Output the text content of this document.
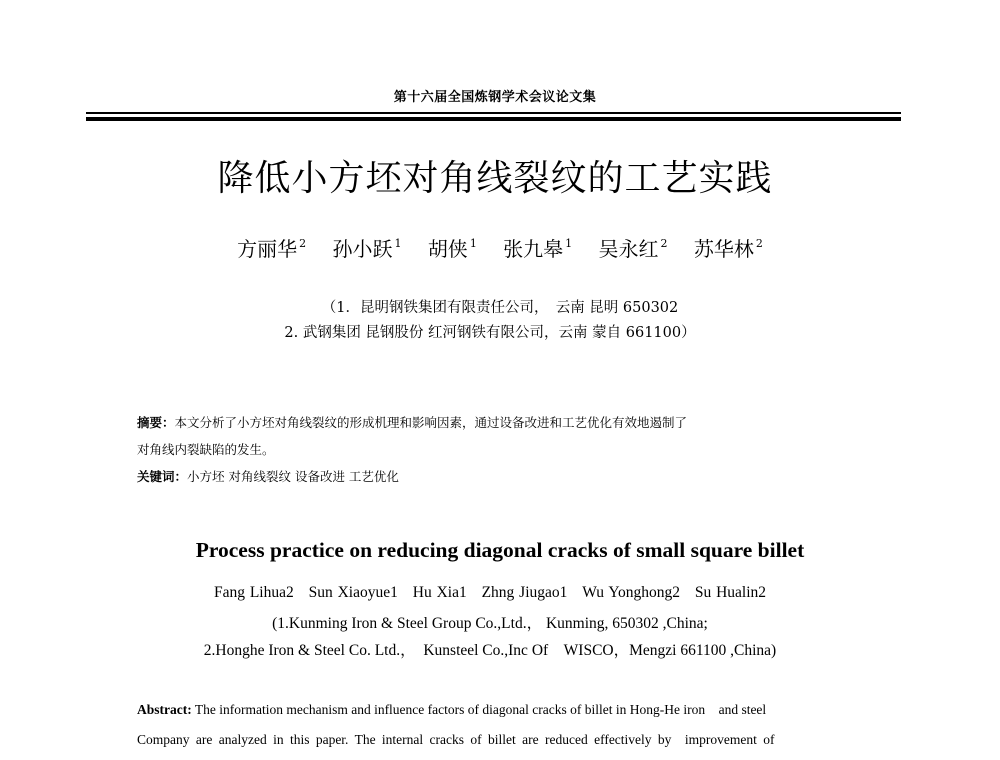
第十六届全国炼钢学术会议论文集
降低小方坯对角线裂纹的工艺实践
方丽华 $^2$ 孙小跃 $^1$ 胡侠 $^1$ 张九皋 $^1$ 吴永红 $^2$ 苏华林 $^2$
（1．昆明钢铁集团有限责任公司，　云南 昆明 650302
2. 武钢集团 昆钢股份 红河钢铁有限公司，云南 蒙自 661100）
摘要：本文分析了小方坯对角线裂纹的形成机理和影响因素，通过设备改进和工艺优化有效地遏制了
对角线内裂缺陷的发生。
关键词：小方坯 对角线裂纹 设备改进 工艺优化
Process practice on reducing diagonal cracks of small square billet
Fang Lihua2 Sun Xiaoyue1 Hu Xia1 Zhng Jiugao1 Wu Yonghong2 Su Hualin2
(1.Kunming Iron & Steel Group Co.,Ltd.， Kunming, 650302 ,China;
2.Honghe Iron & Steel Co. Ltd.，　Kunsteel Co.,Inc Of　WISCO，Mengzi 661100 ,China)
Abstract: The information mechanism and influence factors of diagonal cracks of billet in Hong-He iron　and steel
Company are analyzed in this paper. The internal cracks of billet are reduced effectively by　improvement of
